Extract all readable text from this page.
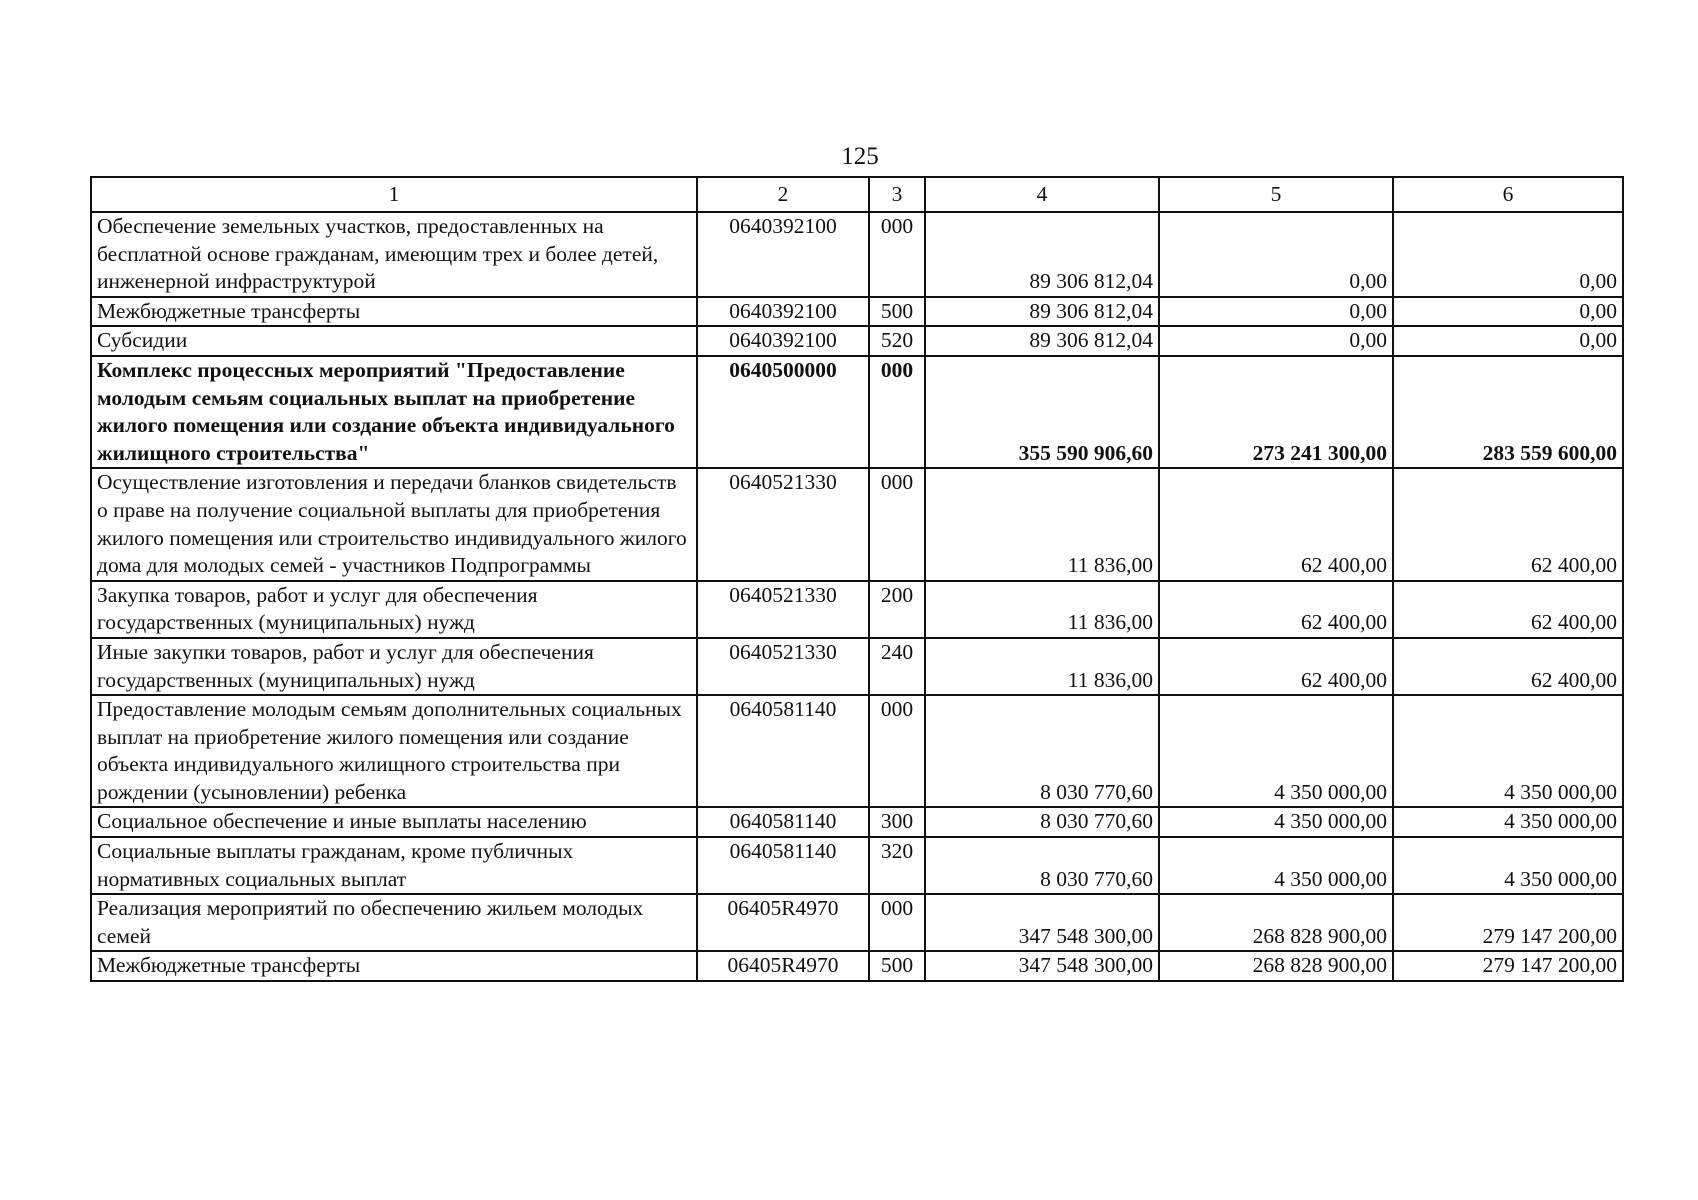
125
1	2	3	4	5	6
Обеспечение земельных участков, предоставленных на бесплатной основе гражданам, имеющим трех и более детей, инженерной инфраструктурой	0640392100	000	89 306 812,04	0,00	0,00
Межбюджетные трансферты	0640392100	500	89 306 812,04	0,00	0,00
Субсидии	0640392100	520	89 306 812,04	0,00	0,00
Комплекс процессных мероприятий "Предоставление молодым семьям социальных выплат на приобретение жилого помещения или создание объекта индивидуального жилищного строительства"	0640500000	000	355 590 906,60	273 241 300,00	283 559 600,00
Осуществление изготовления и передачи бланков свидетельств о праве на получение социальной выплаты для приобретения жилого помещения или строительство индивидуального жилого дома для молодых семей - участников Подпрограммы	0640521330	000	11 836,00	62 400,00	62 400,00
Закупка товаров, работ и услуг для обеспечения государственных (муниципальных) нужд	0640521330	200	11 836,00	62 400,00	62 400,00
Иные закупки товаров, работ и услуг для обеспечения государственных (муниципальных) нужд	0640521330	240	11 836,00	62 400,00	62 400,00
Предоставление молодым семьям дополнительных социальных выплат на приобретение жилого помещения или создание объекта индивидуального жилищного строительства при рождении (усыновлении) ребенка	0640581140	000	8 030 770,60	4 350 000,00	4 350 000,00
Социальное обеспечение и иные выплаты населению	0640581140	300	8 030 770,60	4 350 000,00	4 350 000,00
Социальные выплаты гражданам, кроме публичных нормативных социальных выплат	0640581140	320	8 030 770,60	4 350 000,00	4 350 000,00
Реализация мероприятий по обеспечению жильем молодых семей	06405R4970	000	347 548 300,00	268 828 900,00	279 147 200,00
Межбюджетные трансферты	06405R4970	500	347 548 300,00	268 828 900,00	279 147 200,00
